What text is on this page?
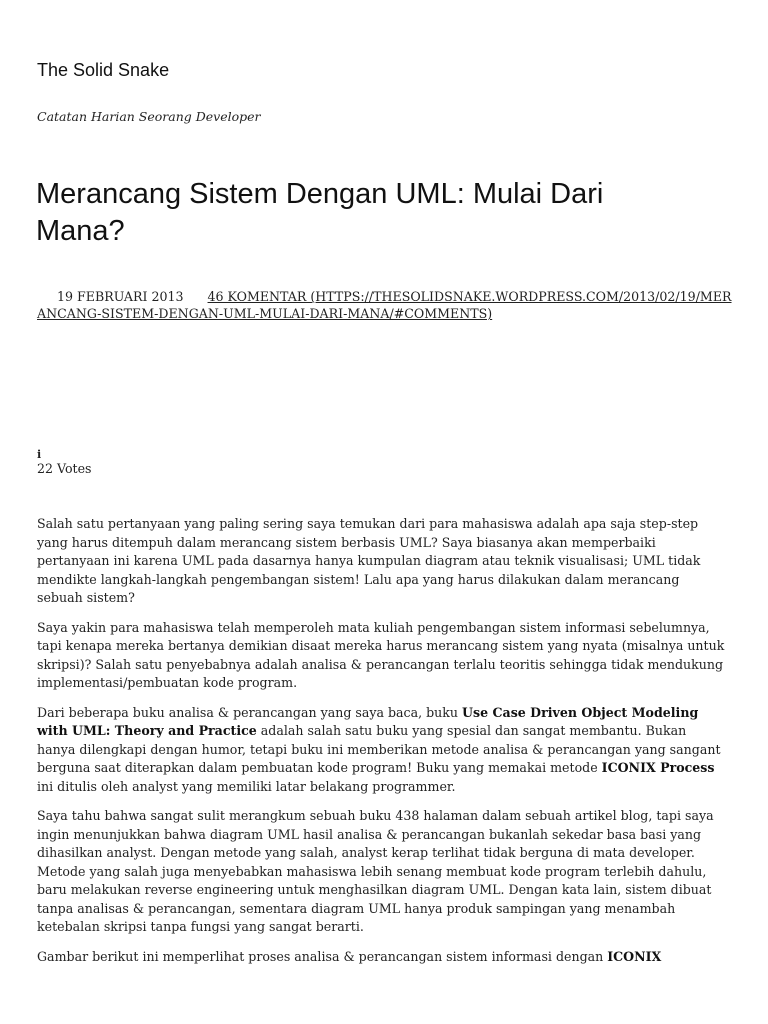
The Solid Snake

Catatan Harian Seorang Developer

Merancang Sistem Dengan UML: Mulai Dari Mana?
19 FEBRUARI 2013 46 KOMENTAR (HTTPS://THESOLIDSNAKE.WORDPRESS.COM/2013/02/19/MERANCANG-SISTEM-DENGAN-UML-MULAI-DARI-MANA/#COMMENTS)
i
22 Votes

Salah satu pertanyaan yang paling sering saya temukan dari para mahasiswa adalah apa saja step-step yang harus ditempuh dalam merancang sistem berbasis UML? Saya biasanya akan memperbaiki pertanyaan ini karena UML pada dasarnya hanya kumpulan diagram atau teknik visualisasi; UML tidak mendikte langkah-langkah pengembangan sistem! Lalu apa yang harus dilakukan dalam merancang sebuah sistem?

Saya yakin para mahasiswa telah memperoleh mata kuliah pengembangan sistem informasi sebelumnya, tapi kenapa mereka bertanya demikian disaat mereka harus merancang sistem yang nyata (misalnya untuk skripsi)? Salah satu penyebabnya adalah analisa & perancangan terlalu teoritis sehingga tidak mendukung implementasi/pembuatan kode program.

Dari beberapa buku analisa & perancangan yang saya baca, buku Use Case Driven Object Modeling with UML: Theory and Practice adalah salah satu buku yang spesial dan sangat membantu. Bukan hanya dilengkapi dengan humor, tetapi buku ini memberikan metode analisa & perancangan yang sangant berguna saat diterapkan dalam pembuatan kode program! Buku yang memakai metode ICONIX Process ini ditulis oleh analyst yang memiliki latar belakang programmer.

Saya tahu bahwa sangat sulit merangkum sebuah buku 438 halaman dalam sebuah artikel blog, tapi saya ingin menunjukkan bahwa diagram UML hasil analisa & perancangan bukanlah sekedar basa basi yang dihasilkan analyst. Dengan metode yang salah, analyst kerap terlihat tidak berguna di mata developer. Metode yang salah juga menyebabkan mahasiswa lebih senang membuat kode program terlebih dahulu, baru melakukan reverse engineering untuk menghasilkan diagram UML. Dengan kata lain, sistem dibuat tanpa analisas & perancangan, sementara diagram UML hanya produk sampingan yang menambah ketebalan skripsi tanpa fungsi yang sangat berarti.

Gambar berikut ini memperlihat proses analisa & perancangan sistem informasi dengan ICONIX
